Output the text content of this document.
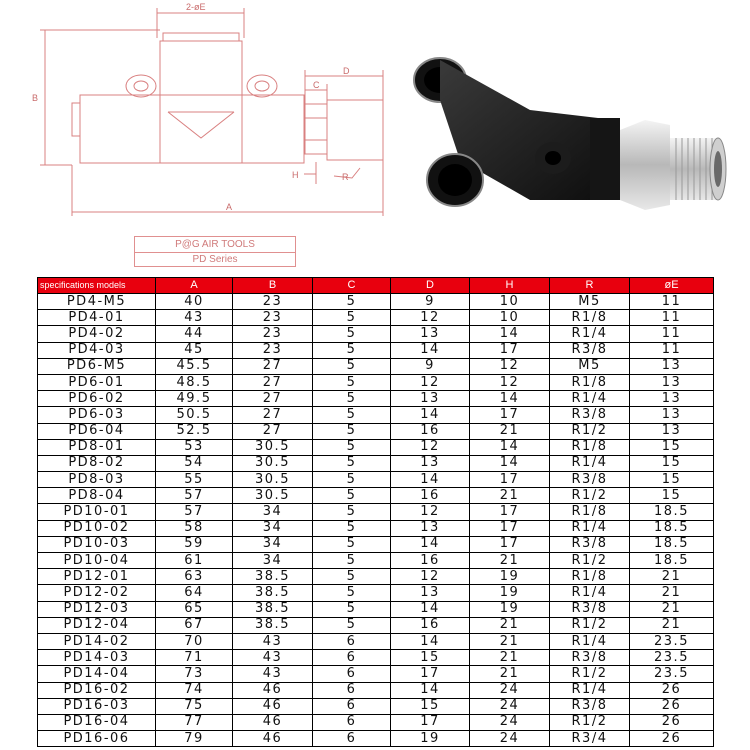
2-øE
B
D
C
H	R
A
P@G AIR TOOLS
PD Series
specifications models	A	B	C	D	H	R	øE
PD4-M5	40	23	5	9	10	M5	11
PD4-01	43	23	5	12	10	R1/8	11
PD4-02	44	23	5	13	14	R1/4	11
PD4-03	45	23	5	14	17	R3/8	11
PD6-M5	45.5	27	5	9	12	M5	13
PD6-01	48.5	27	5	12	12	R1/8	13
PD6-02	49.5	27	5	13	14	R1/4	13
PD6-03	50.5	27	5	14	17	R3/8	13
PD6-04	52.5	27	5	16	21	R1/2	13
PD8-01	53	30.5	5	12	14	R1/8	15
PD8-02	54	30.5	5	13	14	R1/4	15
PD8-03	55	30.5	5	14	17	R3/8	15
PD8-04	57	30.5	5	16	21	R1/2	15
PD10-01	57	34	5	12	17	R1/8	18.5
PD10-02	58	34	5	13	17	R1/4	18.5
PD10-03	59	34	5	14	17	R3/8	18.5
PD10-04	61	34	5	16	21	R1/2	18.5
PD12-01	63	38.5	5	12	19	R1/8	21
PD12-02	64	38.5	5	13	19	R1/4	21
PD12-03	65	38.5	5	14	19	R3/8	21
PD12-04	67	38.5	5	16	21	R1/2	21
PD14-02	70	43	6	14	21	R1/4	23.5
PD14-03	71	43	6	15	21	R3/8	23.5
PD14-04	73	43	6	17	21	R1/2	23.5
PD16-02	74	46	6	14	24	R1/4	26
PD16-03	75	46	6	15	24	R3/8	26
PD16-04	77	46	6	17	24	R1/2	26
PD16-06	79	46	6	19	24	R3/4	26
